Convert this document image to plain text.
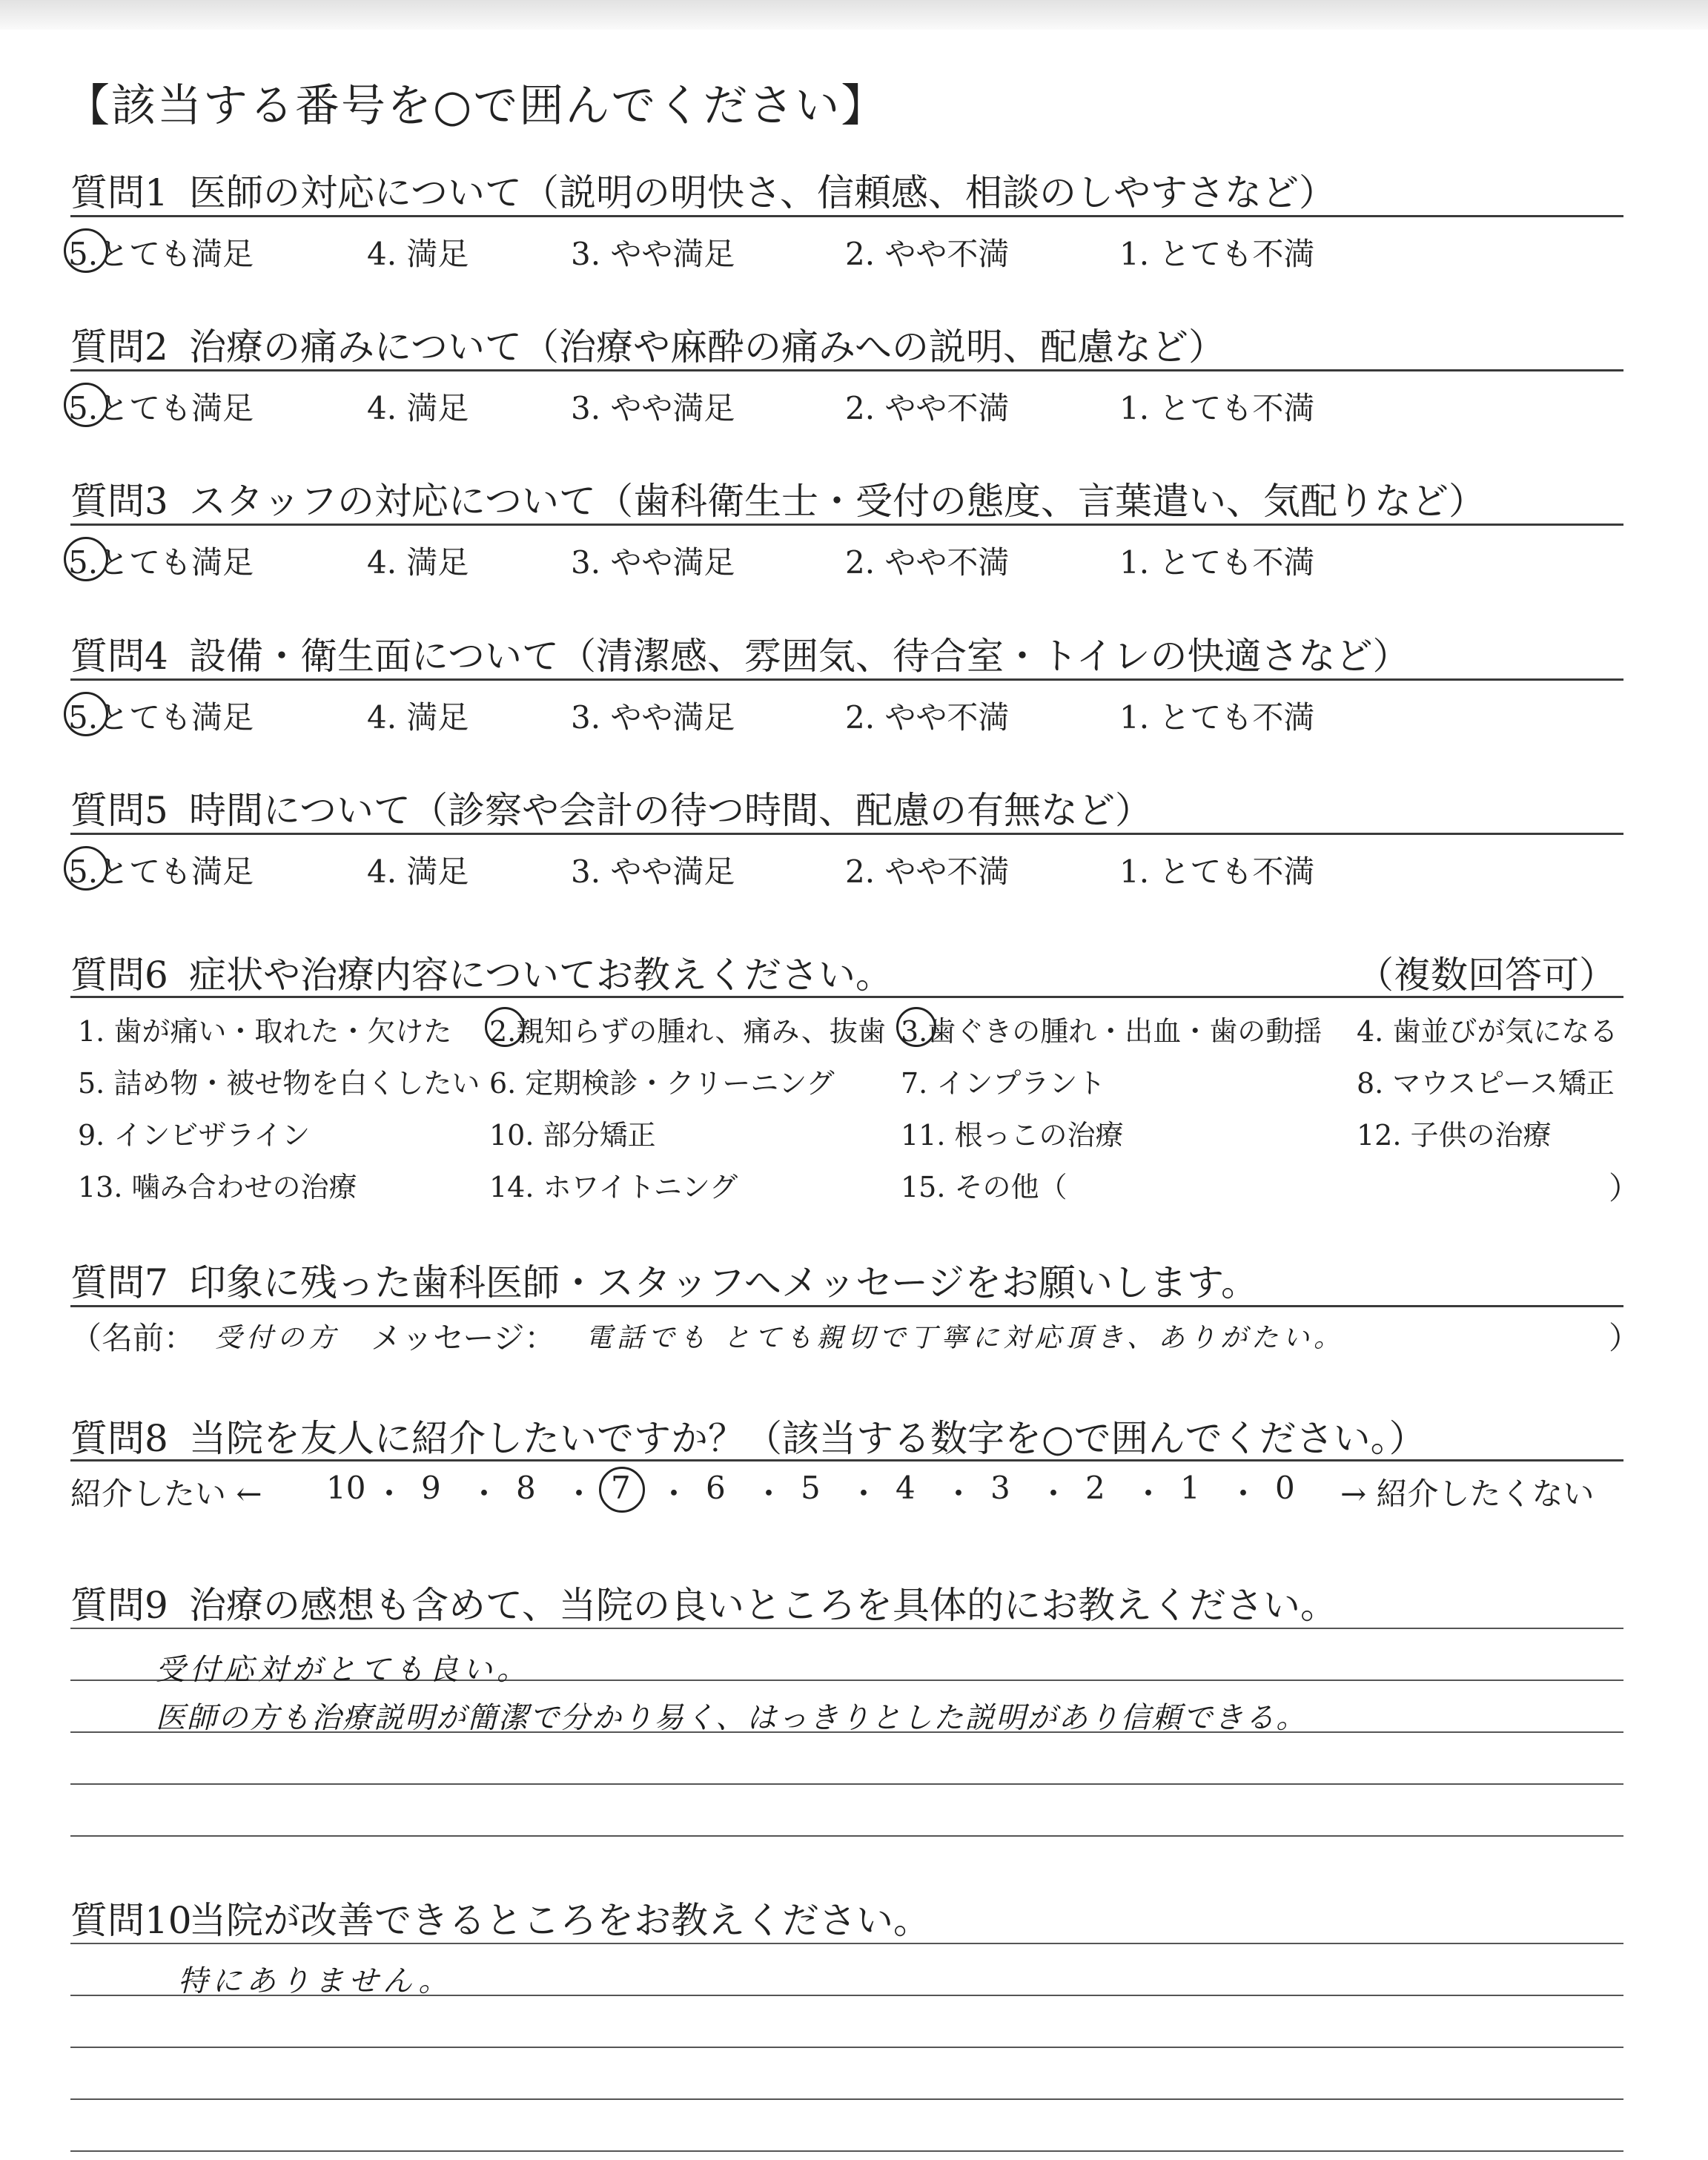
【該当する番号を○で囲んでください】
質問1 医師の対応について（説明の明快さ、信頼感、相談のしやすさなど）
5.とても満足	4. 満足	3. やや満足	2. やや不満	1. とても不満
質問2 治療の痛みについて（治療や麻酔の痛みへの説明、配慮など）
5.とても満足	4. 満足	3. やや満足	2. やや不満	1. とても不満
質問3 スタッフの対応について（歯科衛生士・受付の態度、言葉遣い、気配りなど）
5.とても満足	4. 満足	3. やや満足	2. やや不満	1. とても不満
質問4 設備・衛生面について（清潔感、雰囲気、待合室・トイレの快適さなど）
5.とても満足	4. 満足	3. やや満足	2. やや不満	1. とても不満
質問5 時間について（診察や会計の待つ時間、配慮の有無など）
5.とても満足	4. 満足	3. やや満足	2. やや不満	1. とても不満
質問6 症状や治療内容についてお教えください。	（複数回答可）
1. 歯が痛い・取れた・欠けた 2.親知らずの腫れ、痛み、抜歯 3.歯ぐきの腫れ・出血・歯の動揺 4. 歯並びが気になる
5. 詰め物・被せ物を白くしたい 6. 定期検診・クリーニング 7. インプラント	8. マウスピース矯正
9. インビザライン	10. 部分矯正	11. 根っこの治療	12. 子供の治療
13. 噛み合わせの治療	14. ホワイトニング	15. その他（	）
質問7 印象に残った歯科医師・スタッフへメッセージをお願いします。
（名前： 受付の方 メッセージ： 電話でも とても親切で丁寧に対応頂き、ありがたい。	）
質問8 当院を友人に紹介したいですか？（該当する数字を○で囲んでください。）
紹介したい ← 10 ・ 9 ・ 8 ・ 7 ・ 6 ・ 5 ・ 4 ・ 3 ・ 2 ・ 1 ・ 0 → 紹介したくない
質問9 治療の感想も含めて、当院の良いところを具体的にお教えください。
受付応対がとても良い。
医師の方も治療説明が簡潔で分かり易く、はっきりとした説明があり信頼できる。
質問10当院が改善できるところをお教えください。
特にありません。
